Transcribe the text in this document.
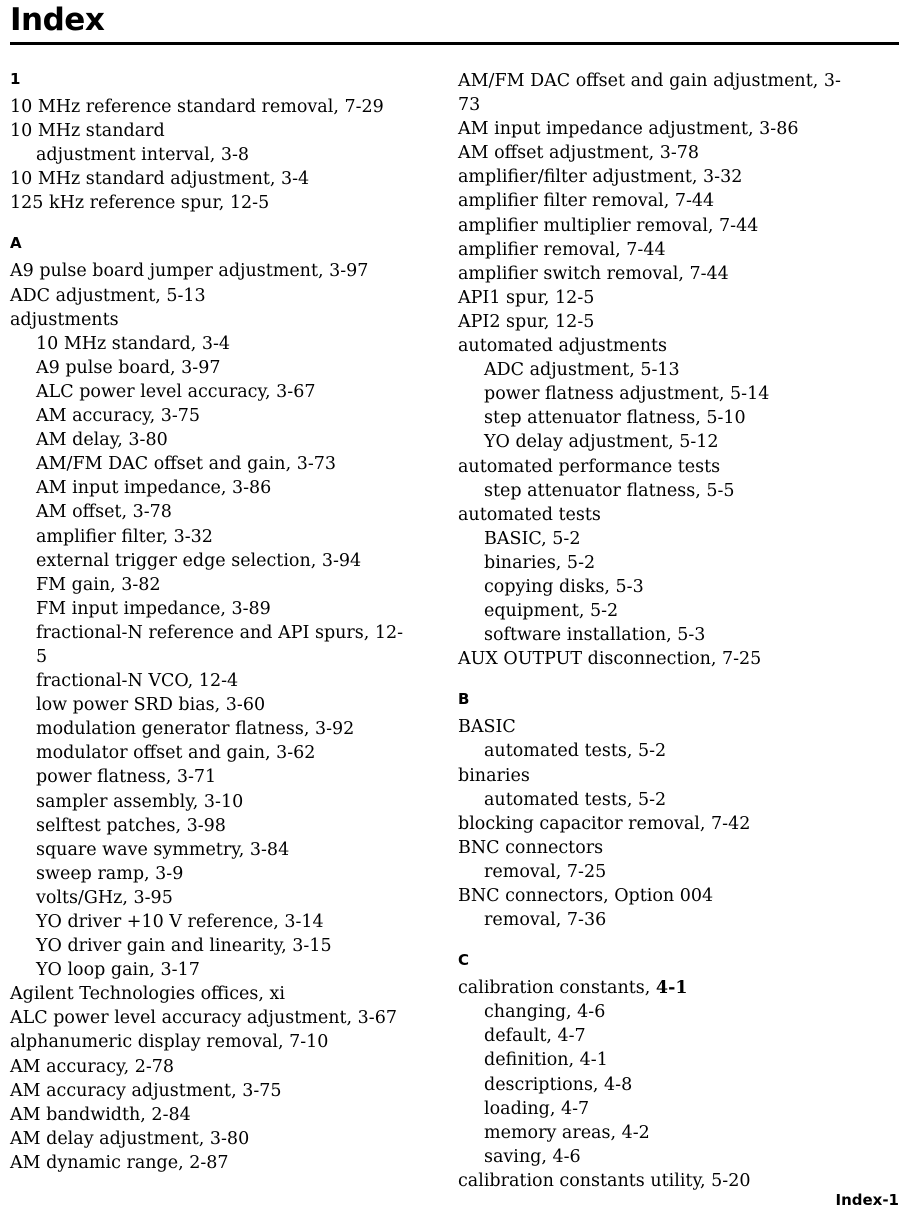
Index
1
10 MHz reference standard removal, 7-29
10 MHz standard
adjustment interval, 3-8
10 MHz standard adjustment, 3-4
125 kHz reference spur, 12-5
A
A9 pulse board jumper adjustment, 3-97
ADC adjustment, 5-13
adjustments
10 MHz standard, 3-4
A9 pulse board, 3-97
ALC power level accuracy, 3-67
AM accuracy, 3-75
AM delay, 3-80
AM/FM DAC offset and gain, 3-73
AM input impedance, 3-86
AM offset, 3-78
amplifier filter, 3-32
external trigger edge selection, 3-94
FM gain, 3-82
FM input impedance, 3-89
fractional-N reference and API spurs, 12-5
fractional-N VCO, 12-4
low power SRD bias, 3-60
modulation generator flatness, 3-92
modulator offset and gain, 3-62
power flatness, 3-71
sampler assembly, 3-10
selftest patches, 3-98
square wave symmetry, 3-84
sweep ramp, 3-9
volts/GHz, 3-95
YO driver +10 V reference, 3-14
YO driver gain and linearity, 3-15
YO loop gain, 3-17
Agilent Technologies offices, xi
ALC power level accuracy adjustment, 3-67
alphanumeric display removal, 7-10
AM accuracy, 2-78
AM accuracy adjustment, 3-75
AM bandwidth, 2-84
AM delay adjustment, 3-80
AM dynamic range, 2-87
AM/FM DAC offset and gain adjustment, 3-73
AM input impedance adjustment, 3-86
AM offset adjustment, 3-78
amplifier/filter adjustment, 3-32
amplifier filter removal, 7-44
amplifier multiplier removal, 7-44
amplifier removal, 7-44
amplifier switch removal, 7-44
API1 spur, 12-5
API2 spur, 12-5
automated adjustments
ADC adjustment, 5-13
power flatness adjustment, 5-14
step attenuator flatness, 5-10
YO delay adjustment, 5-12
automated performance tests
step attenuator flatness, 5-5
automated tests
BASIC, 5-2
binaries, 5-2
copying disks, 5-3
equipment, 5-2
software installation, 5-3
AUX OUTPUT disconnection, 7-25
B
BASIC
automated tests, 5-2
binaries
automated tests, 5-2
blocking capacitor removal, 7-42
BNC connectors
removal, 7-25
BNC connectors, Option 004
removal, 7-36
C
calibration constants, 4-1
changing, 4-6
default, 4-7
definition, 4-1
descriptions, 4-8
loading, 4-7
memory areas, 4-2
saving, 4-6
calibration constants utility, 5-20
Index-1
